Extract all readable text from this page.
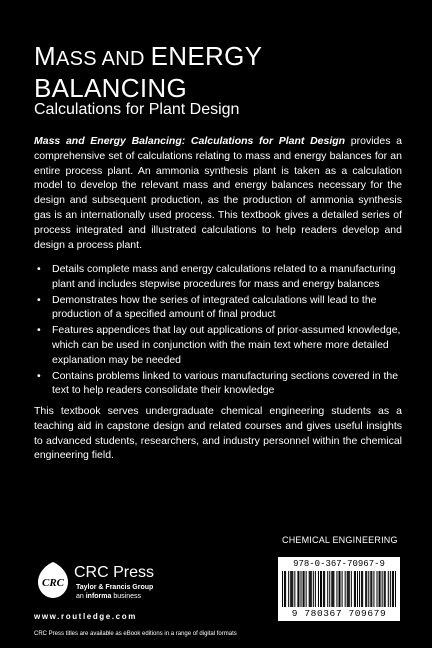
MASS AND ENERGY
BALANCING
Calculations for Plant Design
Mass and Energy Balancing: Calculations for Plant Design provides a comprehensive set of calculations relating to mass and energy balances for an entire process plant. An ammonia synthesis plant is taken as a calculation model to develop the relevant mass and energy balances necessary for the design and subsequent production, as the production of ammonia synthesis gas is an internationally used process. This textbook gives a detailed series of process integrated and illustrated calculations to help readers develop and design a process plant.
• Details complete mass and energy calculations related to a manufacturing plant and includes stepwise procedures for mass and energy balances
• Demonstrates how the series of integrated calculations will lead to the production of a specified amount of final product
• Features appendices that lay out applications of prior-assumed knowledge, which can be used in conjunction with the main text where more detailed explanation may be needed
• Contains problems linked to various manufacturing sections covered in the text to help readers consolidate their knowledge
This textbook serves undergraduate chemical engineering students as a teaching aid in capstone design and related courses and gives useful insights to advanced students, researchers, and industry personnel within the chemical engineering field.
CHEMICAL ENGINEERING
978-0-367-70967-9
9 780367 709679
CRC
CRC Press
Taylor & Francis Group
an informa business
www.routledge.com
CRC Press titles are available as eBook editions in a range of digital formats
